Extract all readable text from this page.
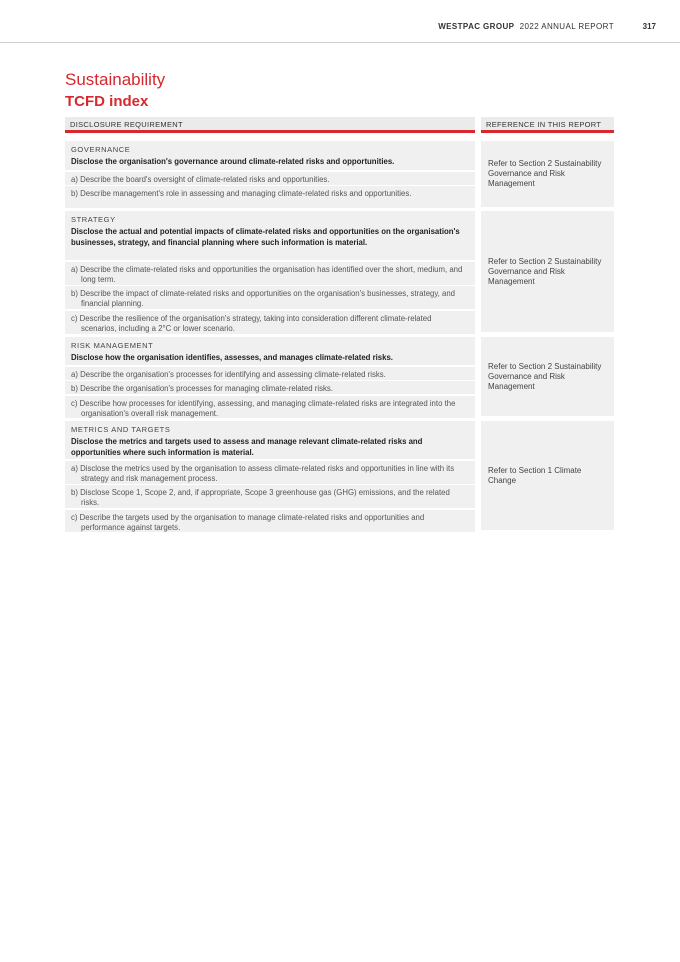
WESTPAC GROUP 2022 ANNUAL REPORT	317
Sustainability
TCFD index
DISCLOSURE REQUIREMENT	REFERENCE IN THIS REPORT
GOVERNANCE
Disclose the organisation's governance around climate-related risks and opportunities.
a) Describe the board's oversight of climate-related risks and opportunities.
b) Describe management's role in assessing and managing climate-related risks and opportunities.
Refer to Section 2 Sustainability Governance and Risk Management
STRATEGY
Disclose the actual and potential impacts of climate-related risks and opportunities on the organisation's businesses, strategy, and financial planning where such information is material.
a) Describe the climate-related risks and opportunities the organisation has identified over the short, medium, and long term.
b) Describe the impact of climate-related risks and opportunities on the organisation's businesses, strategy, and financial planning.
c) Describe the resilience of the organisation's strategy, taking into consideration different climate-related scenarios, including a 2°C or lower scenario.
Refer to Section 2 Sustainability Governance and Risk Management
RISK MANAGEMENT
Disclose how the organisation identifies, assesses, and manages climate-related risks.
a) Describe the organisation's processes for identifying and assessing climate-related risks.
b) Describe the organisation's processes for managing climate-related risks.
c) Describe how processes for identifying, assessing, and managing climate-related risks are integrated into the organisation's overall risk management.
Refer to Section 2 Sustainability Governance and Risk Management
METRICS AND TARGETS
Disclose the metrics and targets used to assess and manage relevant climate-related risks and opportunities where such information is material.
a) Disclose the metrics used by the organisation to assess climate-related risks and opportunities in line with its strategy and risk management process.
b) Disclose Scope 1, Scope 2, and, if appropriate, Scope 3 greenhouse gas (GHG) emissions, and the related risks.
c) Describe the targets used by the organisation to manage climate-related risks and opportunities and performance against targets.
Refer to Section 1 Climate Change
